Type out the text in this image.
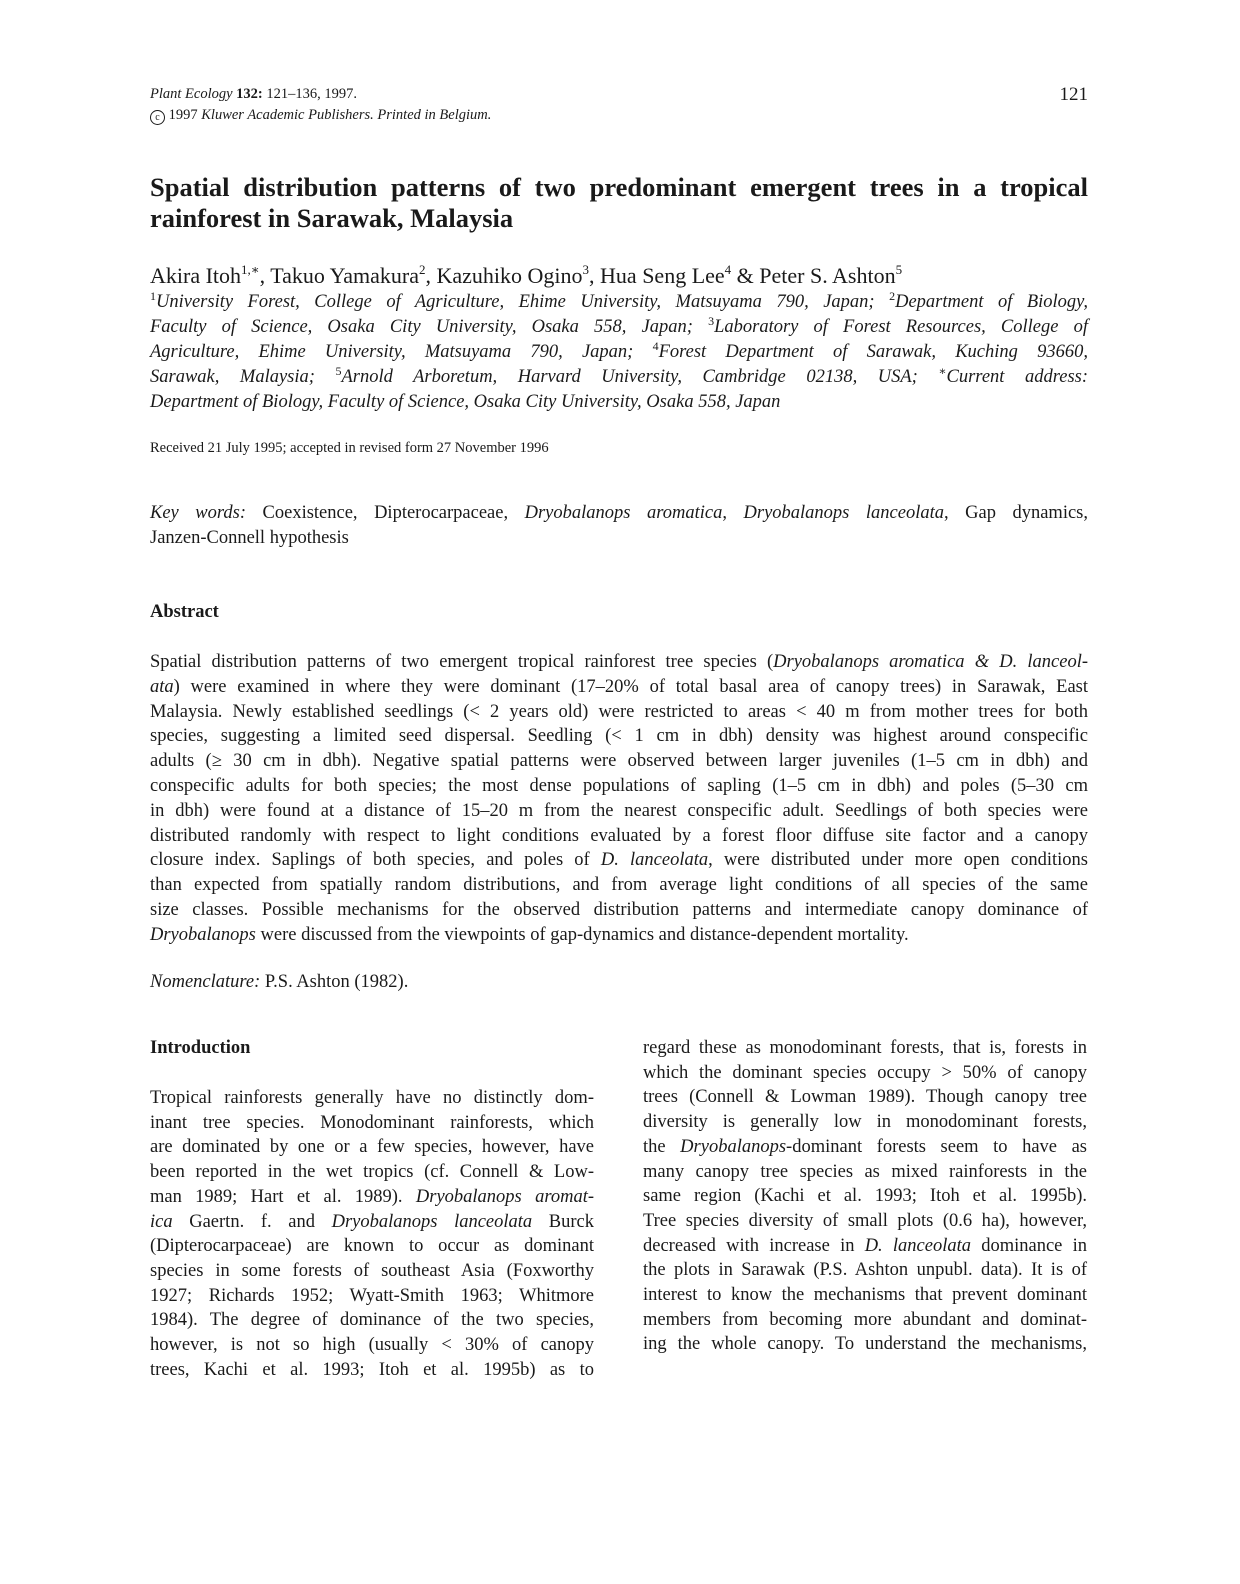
Plant Ecology 132: 121–136, 1997.
c 1997 Kluwer Academic Publishers. Printed in Belgium.
121
Spatial distribution patterns of two predominant emergent trees in a tropical
rainforest in Sarawak, Malaysia
Akira Itoh$^{1,∗}$, Takuo Yamakura$^2$, Kazuhiko Ogino$^3$, Hua Seng Lee$^4$ & Peter S. Ashton$^5$
$^1$University Forest, College of Agriculture, Ehime University, Matsuyama 790, Japan; $^2$Department of Biology,
Faculty of Science, Osaka City University, Osaka 558, Japan; $^3$Laboratory of Forest Resources, College of
Agriculture, Ehime University, Matsuyama 790, Japan; $^4$Forest Department of Sarawak, Kuching 93660,
Sarawak, Malaysia; $^5$Arnold Arboretum, Harvard University, Cambridge 02138, USA; ∗Current address:
Department of Biology, Faculty of Science, Osaka City University, Osaka 558, Japan
Received 21 July 1995; accepted in revised form 27 November 1996
Key words: Coexistence, Dipterocarpaceae, Dryobalanops aromatica, Dryobalanops lanceolata, Gap dynamics,
Janzen-Connell hypothesis
Abstract
Spatial distribution patterns of two emergent tropical rainforest tree species (Dryobalanops aromatica & D. lanceol-
ata) were examined in where they were dominant (17–20% of total basal area of canopy trees) in Sarawak, East
Malaysia. Newly established seedlings (< 2 years old) were restricted to areas < 40 m from mother trees for both
species, suggesting a limited seed dispersal. Seedling (< 1 cm in dbh) density was highest around conspecific
adults (≥ 30 cm in dbh). Negative spatial patterns were observed between larger juveniles (1–5 cm in dbh) and
conspecific adults for both species; the most dense populations of sapling (1–5 cm in dbh) and poles (5–30 cm
in dbh) were found at a distance of 15–20 m from the nearest conspecific adult. Seedlings of both species were
distributed randomly with respect to light conditions evaluated by a forest floor diffuse site factor and a canopy
closure index. Saplings of both species, and poles of D. lanceolata, were distributed under more open conditions
than expected from spatially random distributions, and from average light conditions of all species of the same
size classes. Possible mechanisms for the observed distribution patterns and intermediate canopy dominance of
Dryobalanops were discussed from the viewpoints of gap-dynamics and distance-dependent mortality.
Nomenclature: P.S. Ashton (1982).
Introduction
Tropical rainforests generally have no distinctly dom-
inant tree species. Monodominant rainforests, which
are dominated by one or a few species, however, have
been reported in the wet tropics (cf. Connell & Low-
man 1989; Hart et al. 1989). Dryobalanops aromat-
ica Gaertn. f. and Dryobalanops lanceolata Burck
(Dipterocarpaceae) are known to occur as dominant
species in some forests of southeast Asia (Foxworthy
1927; Richards 1952; Wyatt-Smith 1963; Whitmore
1984). The degree of dominance of the two species,
however, is not so high (usually < 30% of canopy
trees, Kachi et al. 1993; Itoh et al. 1995b) as to
regard these as monodominant forests, that is, forests in
which the dominant species occupy > 50% of canopy
trees (Connell & Lowman 1989). Though canopy tree
diversity is generally low in monodominant forests,
the Dryobalanops-dominant forests seem to have as
many canopy tree species as mixed rainforests in the
same region (Kachi et al. 1993; Itoh et al. 1995b).
Tree species diversity of small plots (0.6 ha), however,
decreased with increase in D. lanceolata dominance in
the plots in Sarawak (P.S. Ashton unpubl. data). It is of
interest to know the mechanisms that prevent dominant
members from becoming more abundant and dominat-
ing the whole canopy. To understand the mechanisms,
